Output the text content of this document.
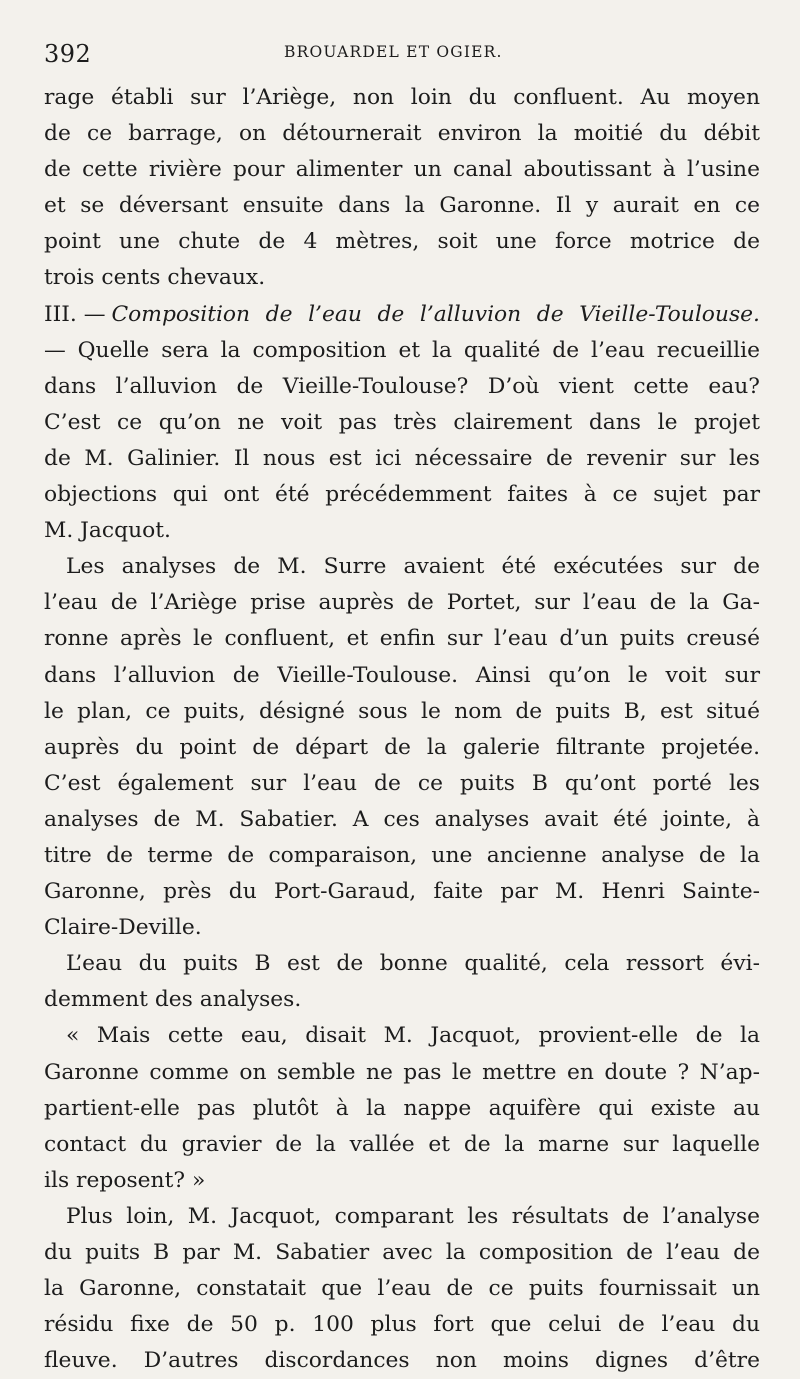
392	BROUARDEL ET OGIER.
rage établi sur l’Ariège, non loin du confluent. Au moyen
de ce barrage, on détournerait environ la moitié du débit
de cette rivière pour alimenter un canal aboutissant à l’usine
et se déversant ensuite dans la Garonne. Il y aurait en ce
point une chute de 4 mètres, soit une force motrice de
trois cents chevaux.
III. — Composition de l’eau de l’alluvion de Vieille-Toulouse.
— Quelle sera la composition et la qualité de l’eau recueillie
dans l’alluvion de Vieille-Toulouse? D’où vient cette eau?
C’est ce qu’on ne voit pas très clairement dans le projet
de M. Galinier. Il nous est ici nécessaire de revenir sur les
objections qui ont été précédemment faites à ce sujet par
M. Jacquot.
Les analyses de M. Surre avaient été exécutées sur de
l’eau de l’Ariège prise auprès de Portet, sur l’eau de la Ga-
ronne après le confluent, et enfin sur l’eau d’un puits creusé
dans l’alluvion de Vieille-Toulouse. Ainsi qu’on le voit sur
le plan, ce puits, désigné sous le nom de puits B, est situé
auprès du point de départ de la galerie filtrante projetée.
C’est également sur l’eau de ce puits B qu’ont porté les
analyses de M. Sabatier. A ces analyses avait été jointe, à
titre de terme de comparaison, une ancienne analyse de la
Garonne, près du Port-Garaud, faite par M. Henri Sainte-
Claire-Deville.
L’eau du puits B est de bonne qualité, cela ressort évi-
demment des analyses.
« Mais cette eau, disait M. Jacquot, provient-elle de la
Garonne comme on semble ne pas le mettre en doute ? N’ap-
partient-elle pas plutôt à la nappe aquifère qui existe au
contact du gravier de la vallée et de la marne sur laquelle
ils reposent? »
Plus loin, M. Jacquot, comparant les résultats de l’analyse
du puits B par M. Sabatier avec la composition de l’eau de
la Garonne, constatait que l’eau de ce puits fournissait un
résidu fixe de 50 p. 100 plus fort que celui de l’eau du
fleuve. D’autres discordances non moins dignes d’être
